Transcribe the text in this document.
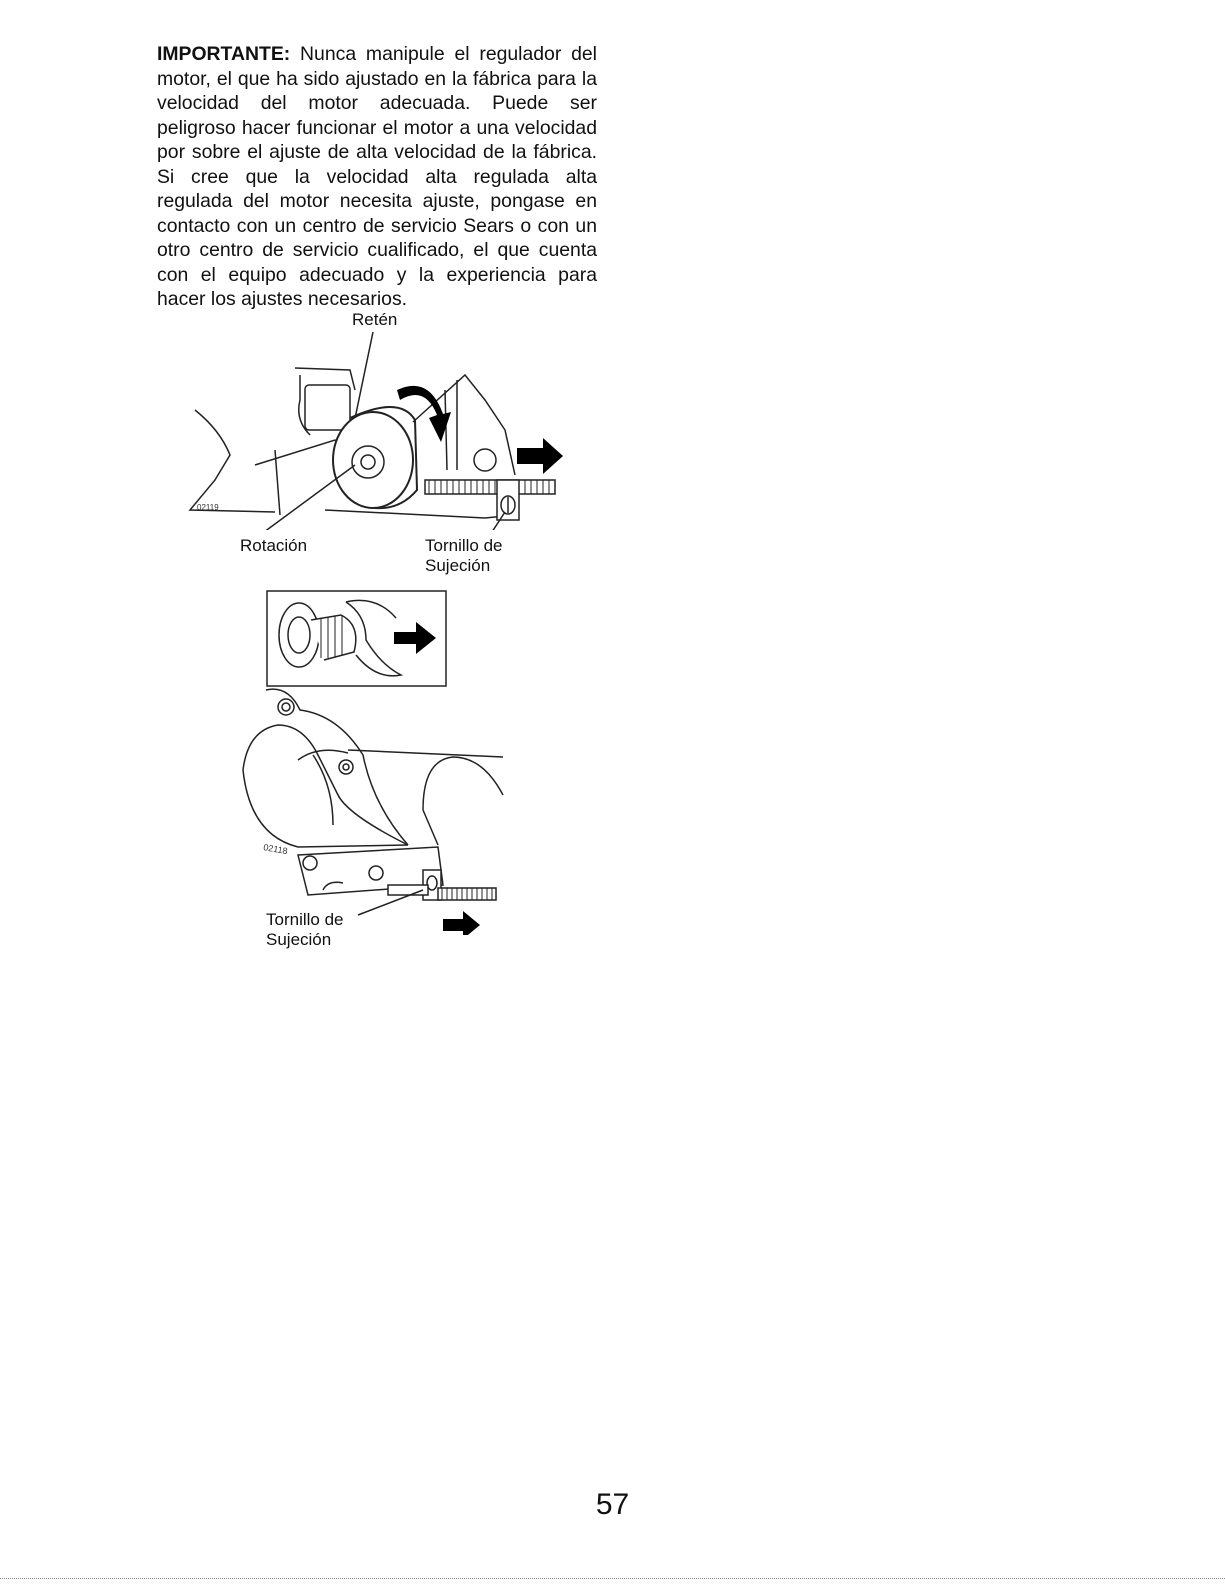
IMPORTANTE: Nunca manipule el regulador del motor, el que ha sido ajustado en la fábrica para la velocidad del motor adecuada. Puede ser peligroso hacer funcionar el motor a una velocidad por sobre el ajuste de alta velocidad de la fábrica. Si cree que la velocidad alta regulada alta regulada del motor necesita ajuste, pongase en contacto con un centro de servicio Sears o con un otro centro de servicio cualificado, el que cuenta con el equipo adecuado y la experiencia para hacer los ajustes necesarios.

Retén
02119
Rotación	Tornillo de
Sujeción
02118
Tornillo de
Sujeción
57
